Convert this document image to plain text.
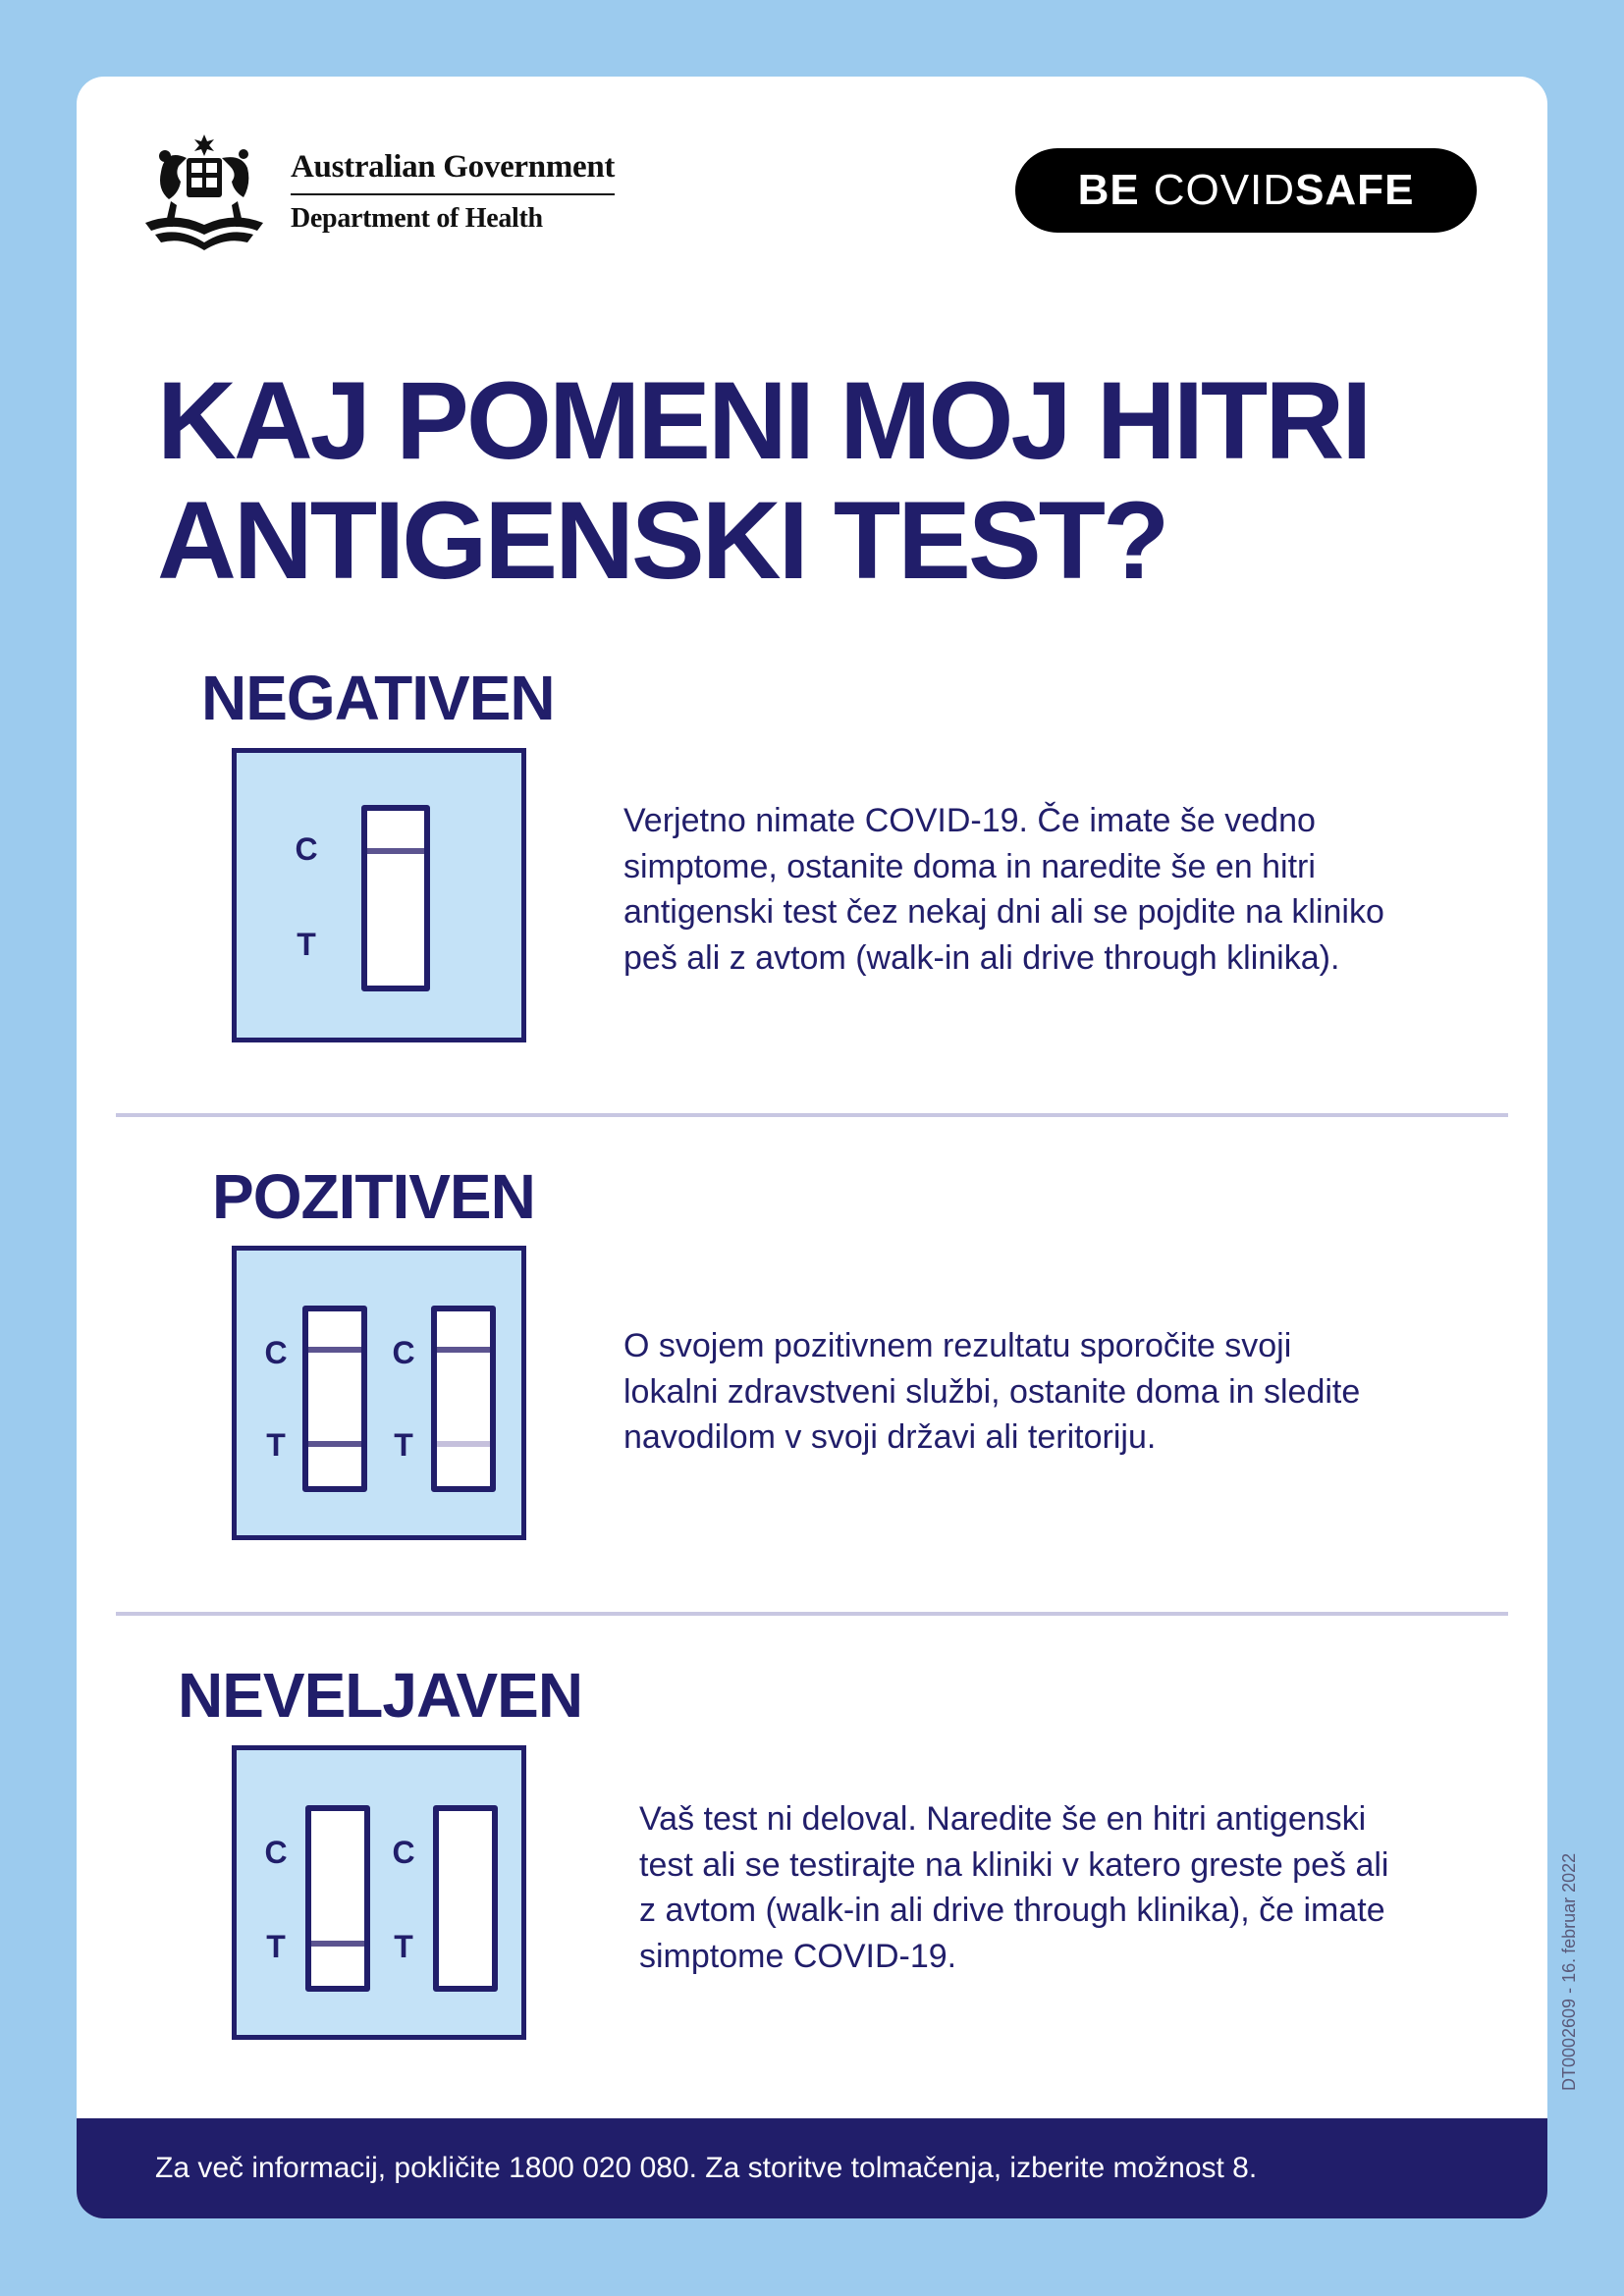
Australian Government
Department of Health
BE COVID SAFE
KAJ POMENI MOJ HITRI
ANTIGENSKI TEST?
NEGATIVEN
C
T

Verjetno nimate COVID-19. Če imate še vedno simptome, ostanite doma in naredite še en hitri antigenski test čez nekaj dni ali se pojdite na kliniko peš ali z avtom (walk-in ali drive through klinika).

POZITIVEN
C
T
C
T

O svojem pozitivnem rezultatu sporočite svoji lokalni zdravstveni službi, ostanite doma in sledite navodilom v svoji državi ali teritoriju.

NEVELJAVEN
C
T
C
T

Vaš test ni deloval. Naredite še en hitri antigenski test ali se testirajte na kliniki v katero greste peš ali z avtom (walk-in ali drive through klinika), če imate simptome COVID-19.

Za več informacij, pokličite 1800 020 080. Za storitve tolmačenja, izberite možnost 8.
DT0002609 - 16. februar 2022
